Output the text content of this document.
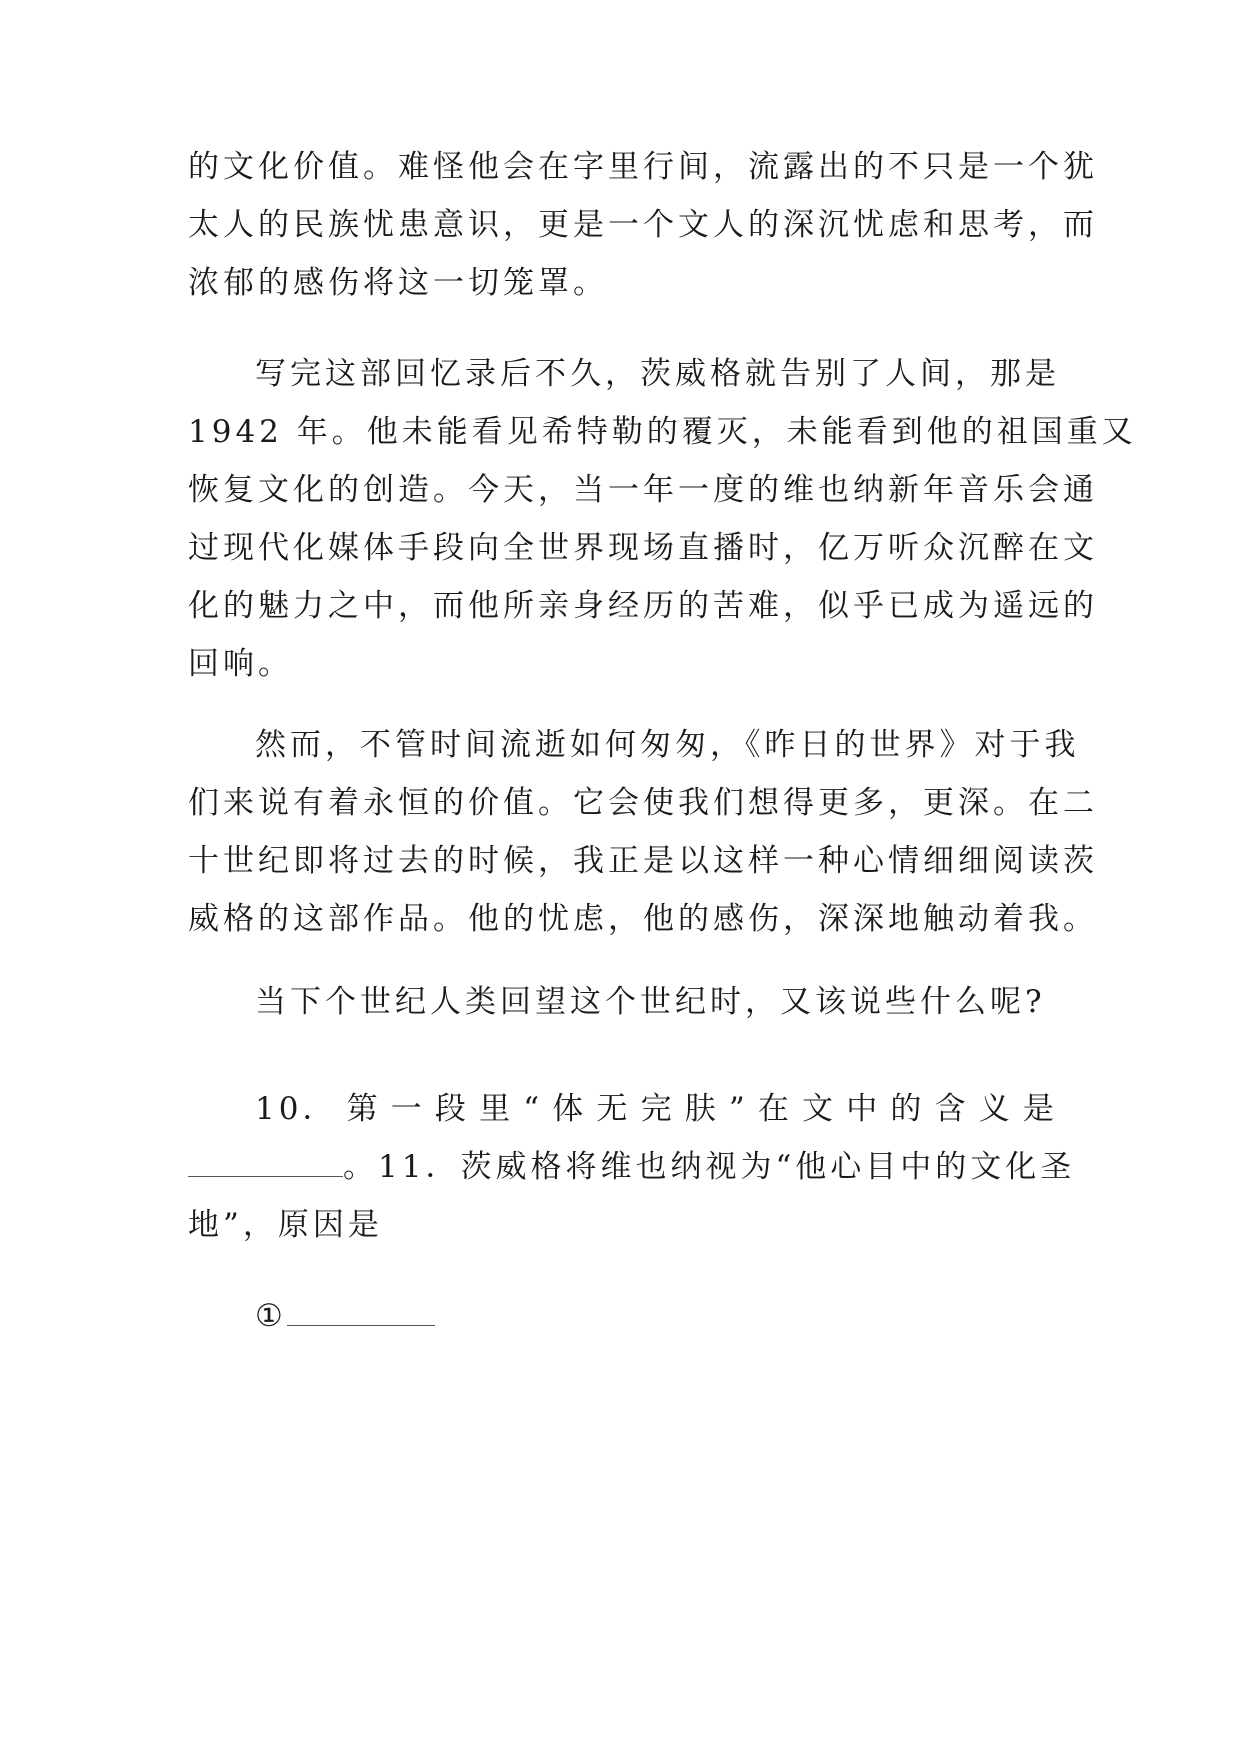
的文化价值。难怪他会在字里行间，流露出的不只是一个犹
太人的民族忧患意识，更是一个文人的深沉忧虑和思考，而
浓郁的感伤将这一切笼罩。
写完这部回忆录后不久，茨威格就告别了人间，那是
1942 年。他未能看见希特勒的覆灭，未能看到他的祖国重又
恢复文化的创造。今天，当一年一度的维也纳新年音乐会通
过现代化媒体手段向全世界现场直播时，亿万听众沉醉在文
化的魅力之中，而他所亲身经历的苦难，似乎已成为遥远的
回响。
然而，不管时间流逝如何匆匆，《昨日的世界》对于我
们来说有着永恒的价值。它会使我们想得更多，更深。在二
十世纪即将过去的时候，我正是以这样一种心情细细阅读茨
威格的这部作品。他的忧虑，他的感伤，深深地触动着我。
当下个世纪人类回望这个世纪时，又该说些什么呢?
10． 第 一 段 里 “ 体 无 完 肤 ” 在 文 中 的 含 义 是
。11．茨威格将维也纳视为“他心目中的文化圣
地”，原因是
①
